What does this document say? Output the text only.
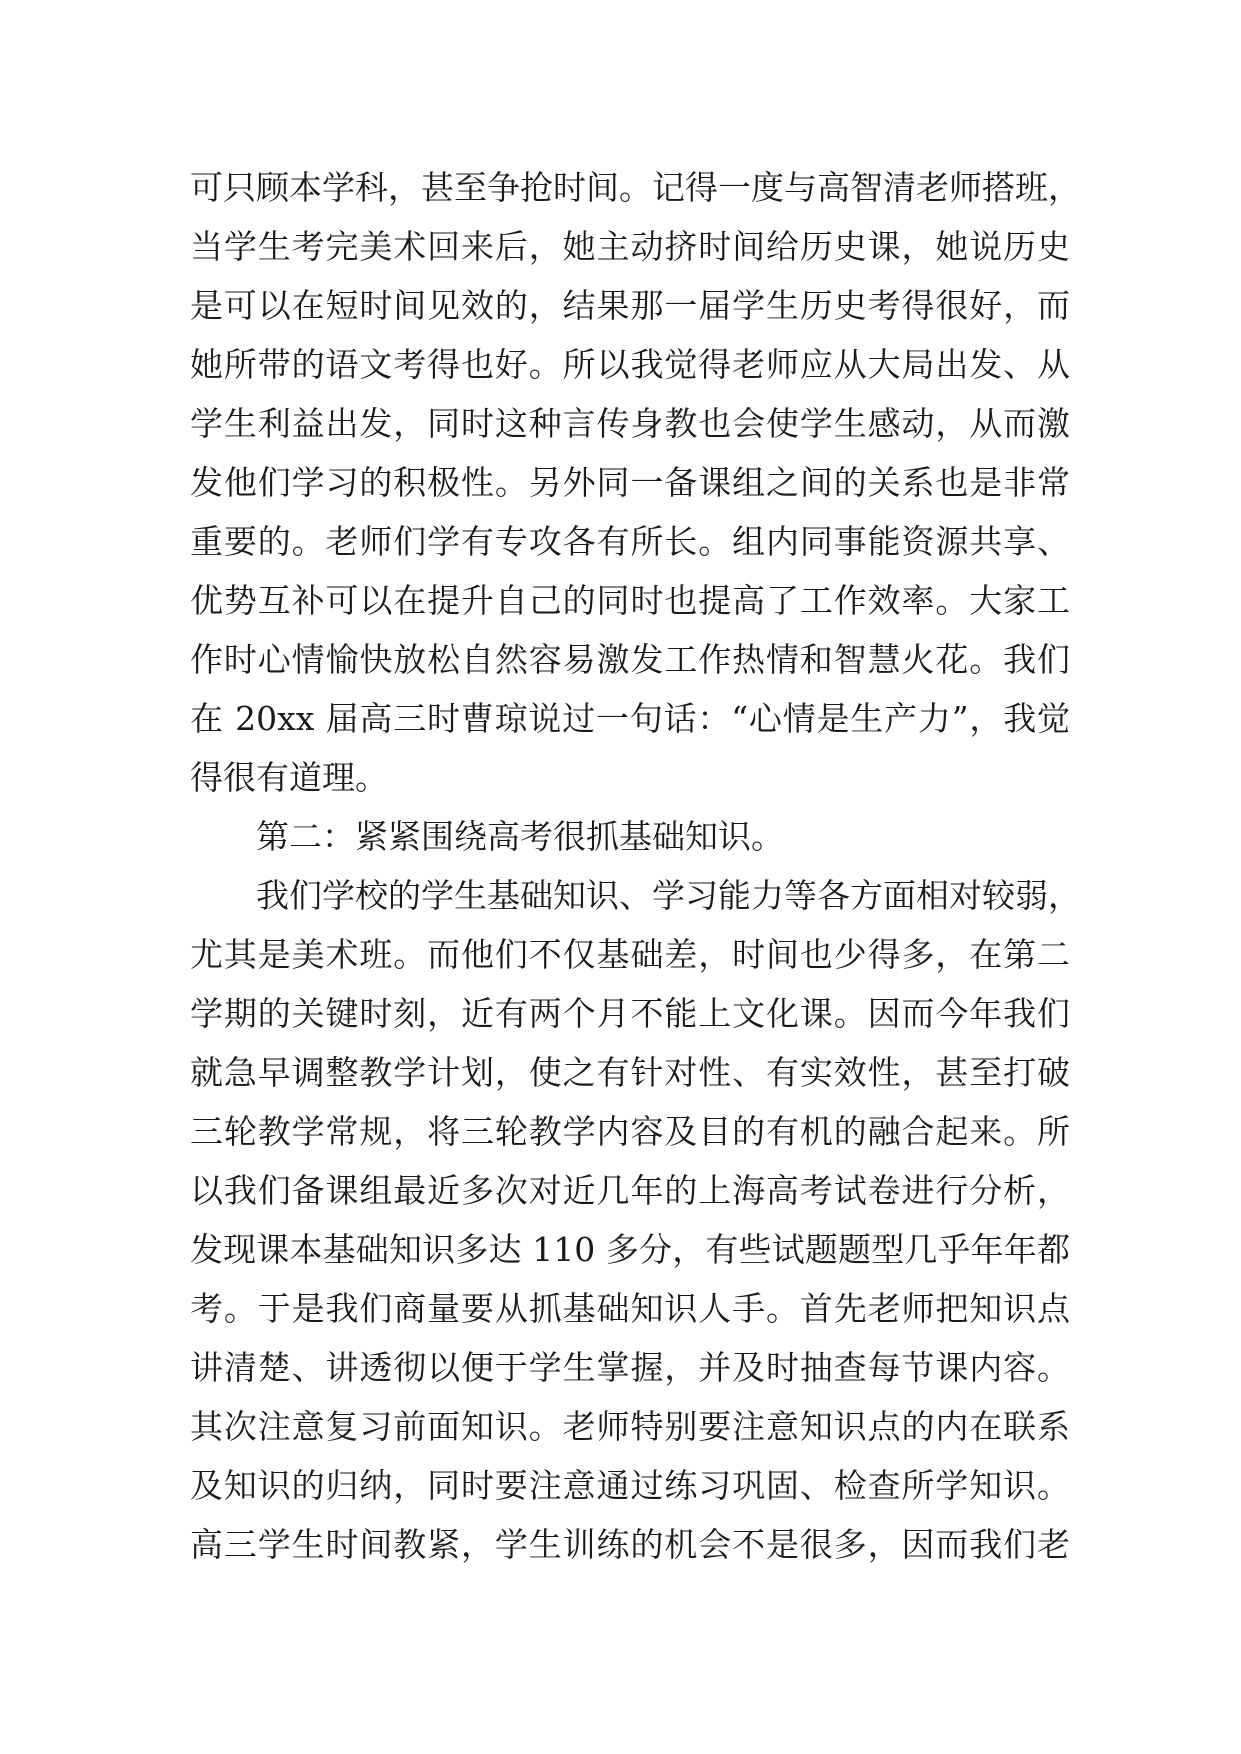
可只顾本学科，甚至争抢时间。记得一度与高智清老师搭班，
当学生考完美术回来后，她主动挤时间给历史课，她说历史
是可以在短时间见效的，结果那一届学生历史考得很好，而
她所带的语文考得也好。所以我觉得老师应从大局出发、从
学生利益出发，同时这种言传身教也会使学生感动，从而激
发他们学习的积极性。另外同一备课组之间的关系也是非常
重要的。老师们学有专攻各有所长。组内同事能资源共享、
优势互补可以在提升自己的同时也提高了工作效率。大家工
作时心情愉快放松自然容易激发工作热情和智慧火花。我们
在 20xx 届高三时曹琼说过一句话：“心情是生产力”，我觉
得很有道理。
第二：紧紧围绕高考很抓基础知识。
我们学校的学生基础知识、学习能力等各方面相对较弱，
尤其是美术班。而他们不仅基础差，时间也少得多，在第二
学期的关键时刻，近有两个月不能上文化课。因而今年我们
就急早调整教学计划，使之有针对性、有实效性，甚至打破
三轮教学常规，将三轮教学内容及目的有机的融合起来。所
以我们备课组最近多次对近几年的上海高考试卷进行分析，
发现课本基础知识多达 110 多分，有些试题题型几乎年年都
考。于是我们商量要从抓基础知识人手。首先老师把知识点
讲清楚、讲透彻以便于学生掌握，并及时抽查每节课内容。
其次注意复习前面知识。老师特别要注意知识点的内在联系
及知识的归纳，同时要注意通过练习巩固、检查所学知识。
高三学生时间教紧，学生训练的机会不是很多，因而我们老
